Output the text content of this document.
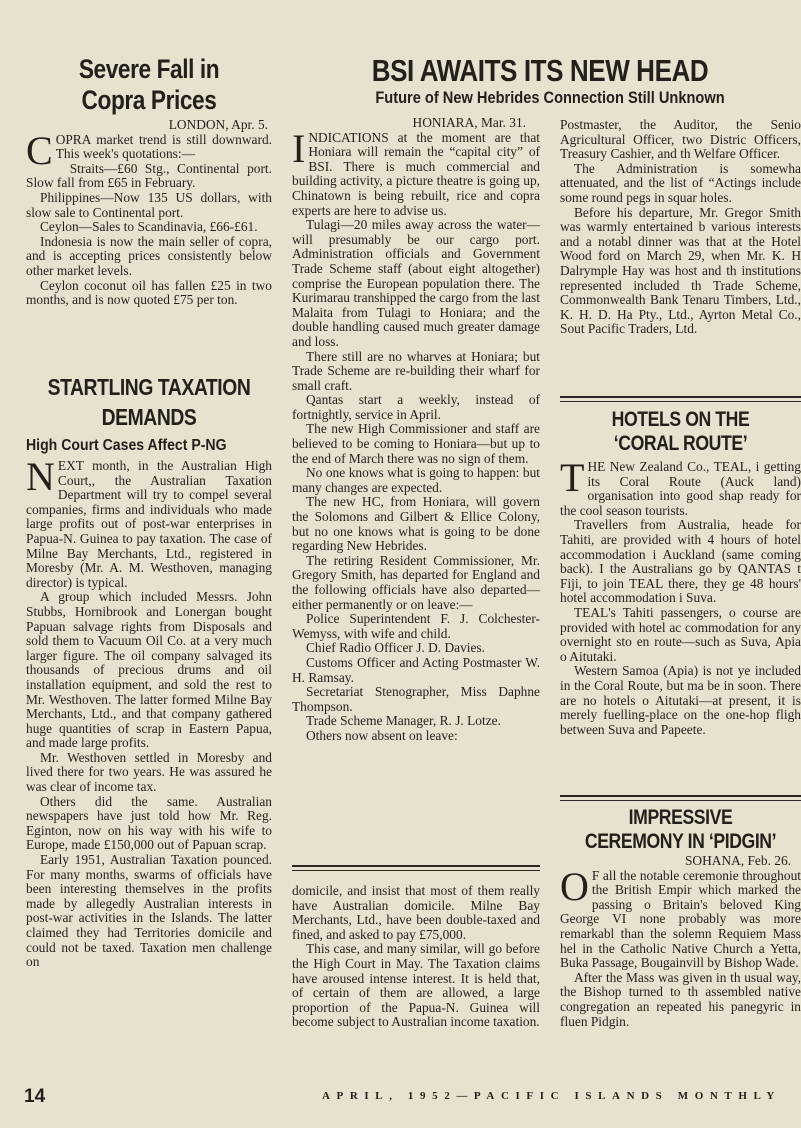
Severe Fall in Copra Prices

LONDON, Apr. 5.

COPRA market trend is still downward. This week's quotations:—

Straits—£60 Stg., Continental port. Slow fall from £65 in February.

Philippines—Now 135 US dollars, with slow sale to Continental port.

Ceylon—Sales to Scandinavia, £66-£61.

Indonesia is now the main seller of copra, and is accepting prices consistently below other market levels.

Ceylon coconut oil has fallen £25 in two months, and is now quoted £75 per ton.

STARTLING TAXATION DEMANDS
High Court Cases Affect P-NG

NEXT month, in the Australian High Court,, the Australian Taxation Department will try to compel several companies, firms and individuals who made large profits out of post-war enterprises in Papua-N. Guinea to pay taxation. The case of Milne Bay Merchants, Ltd., registered in Moresby (Mr. A. M. Westhoven, managing director) is typical.

A group which included Messrs. John Stubbs, Hornibrook and Lonergan bought Papuan salvage rights from Disposals and sold them to Vacuum Oil Co. at a very much larger figure. The oil company salvaged its thousands of precious drums and oil installation equipment, and sold the rest to Mr. Westhoven. The latter formed Milne Bay Merchants, Ltd., and that company gathered huge quantities of scrap in Eastern Papua, and made large profits.

Mr. Westhoven settled in Moresby and lived there for two years. He was assured he was clear of income tax.

Others did the same. Australian newspapers have just told how Mr. Reg. Eginton, now on his way with his wife to Europe, made £150,000 out of Papuan scrap.

Early 1951, Australian Taxation pounced. For many months, swarms of officials have been interesting themselves in the profits made by allegedly Australian interests in post-war activities in the Islands. The latter claimed they had Territories domicile and could not be taxed. Taxation men challenge on

BSI AWAITS ITS NEW HEAD
Future of New Hebrides Connection Still Unknown

HONIARA, Mar. 31.

INDICATIONS at the moment are that Honiara will remain the “capital city” of BSI. There is much commercial and building activity, a picture theatre is going up, Chinatown is being rebuilt, rice and copra experts are here to advise us.

Tulagi—20 miles away across the water—will presumably be our cargo port. Administration officials and Government Trade Scheme staff (about eight altogether) comprise the European population there. The Kurimarau transhipped the cargo from the last Malaita from Tulagi to Honiara; and the double handling caused much greater damage and loss.

There still are no wharves at Honiara; but Trade Scheme are re-building their wharf for small craft.

Qantas start a weekly, instead of fortnightly, service in April.

The new High Commissioner and staff are believed to be coming to Honiara—but up to the end of March there was no sign of them.

No one knows what is going to happen: but many changes are expected.

The new HC, from Honiara, will govern the Solomons and Gilbert & Ellice Colony, but no one knows what is going to be done regarding New Hebrides.

The retiring Resident Commissioner, Mr. Gregory Smith, has departed for England and the following officials have also departed—either permanently or on leave:—

Police Superintendent F. J. Colchester-Wemyss, with wife and child.

Chief Radio Officer J. D. Davies.

Customs Officer and Acting Postmaster W. H. Ramsay.

Secretariat Stenographer, Miss Daphne Thompson.

Trade Scheme Manager, R. J. Lotze.

Others now absent on leave:

domicile, and insist that most of them really have Australian domicile. Milne Bay Merchants, Ltd., have been double-taxed and fined, and asked to pay £75,000.

This case, and many similar, will go before the High Court in May. The Taxation claims have aroused intense interest. It is held that, of certain of them are allowed, a large proportion of the Papua-N. Guinea will become subject to Australian income taxation.

Postmaster, the Auditor, the Senio Agricultural Officer, two Distric Officers, Treasury Cashier, and th Welfare Officer.

The Administration is somewha attenuated, and the list of “Actings include some round pegs in squar holes.

Before his departure, Mr. Gregor Smith was warmly entertained b various interests and a notabl dinner was that at the Hotel Wood ford on March 29, when Mr. K. H Dalrymple Hay was host and th institutions represented included th Trade Scheme, Commonwealth Bank Tenaru Timbers, Ltd., K. H. D. Ha Pty., Ltd., Ayrton Metal Co., Sout Pacific Traders, Ltd.

HOTELS ON THE ‘CORAL ROUTE’

THE New Zealand Co., TEAL, i getting its Coral Route (Auck land) organisation into good shap ready for the cool season tourists.

Travellers from Australia, heade for Tahiti, are provided with 4 hours of hotel accommodation i Auckland (same coming back). I the Australians go by QANTAS t Fiji, to join TEAL there, they ge 48 hours' hotel accommodation i Suva.

TEAL's Tahiti passengers, o course are provided with hotel ac commodation for any overnight sto en route—such as Suva, Apia o Aitutaki.

Western Samoa (Apia) is not ye included in the Coral Route, but ma be in soon. There are no hotels o Aitutaki—at present, it is merely fuelling-place on the one-hop fligh between Suva and Papeete.

IMPRESSIVE CEREMONY IN ‘PIDGIN’

SOHANA, Feb. 26.

O F all the notable ceremonie throughout the British Empir which marked the passing o Britain's beloved King George VI none probably was more remarkabl than the solemn Requiem Mass hel in the Catholic Native Church a Yetta, Buka Passage, Bougainvill by Bishop Wade.

After the Mass was given in th usual way, the Bishop turned to th assembled native congregation an repeated his panegyric in fluen Pidgin.

14	APRIL, 1952—PACIFIC ISLANDS MONTHLY
